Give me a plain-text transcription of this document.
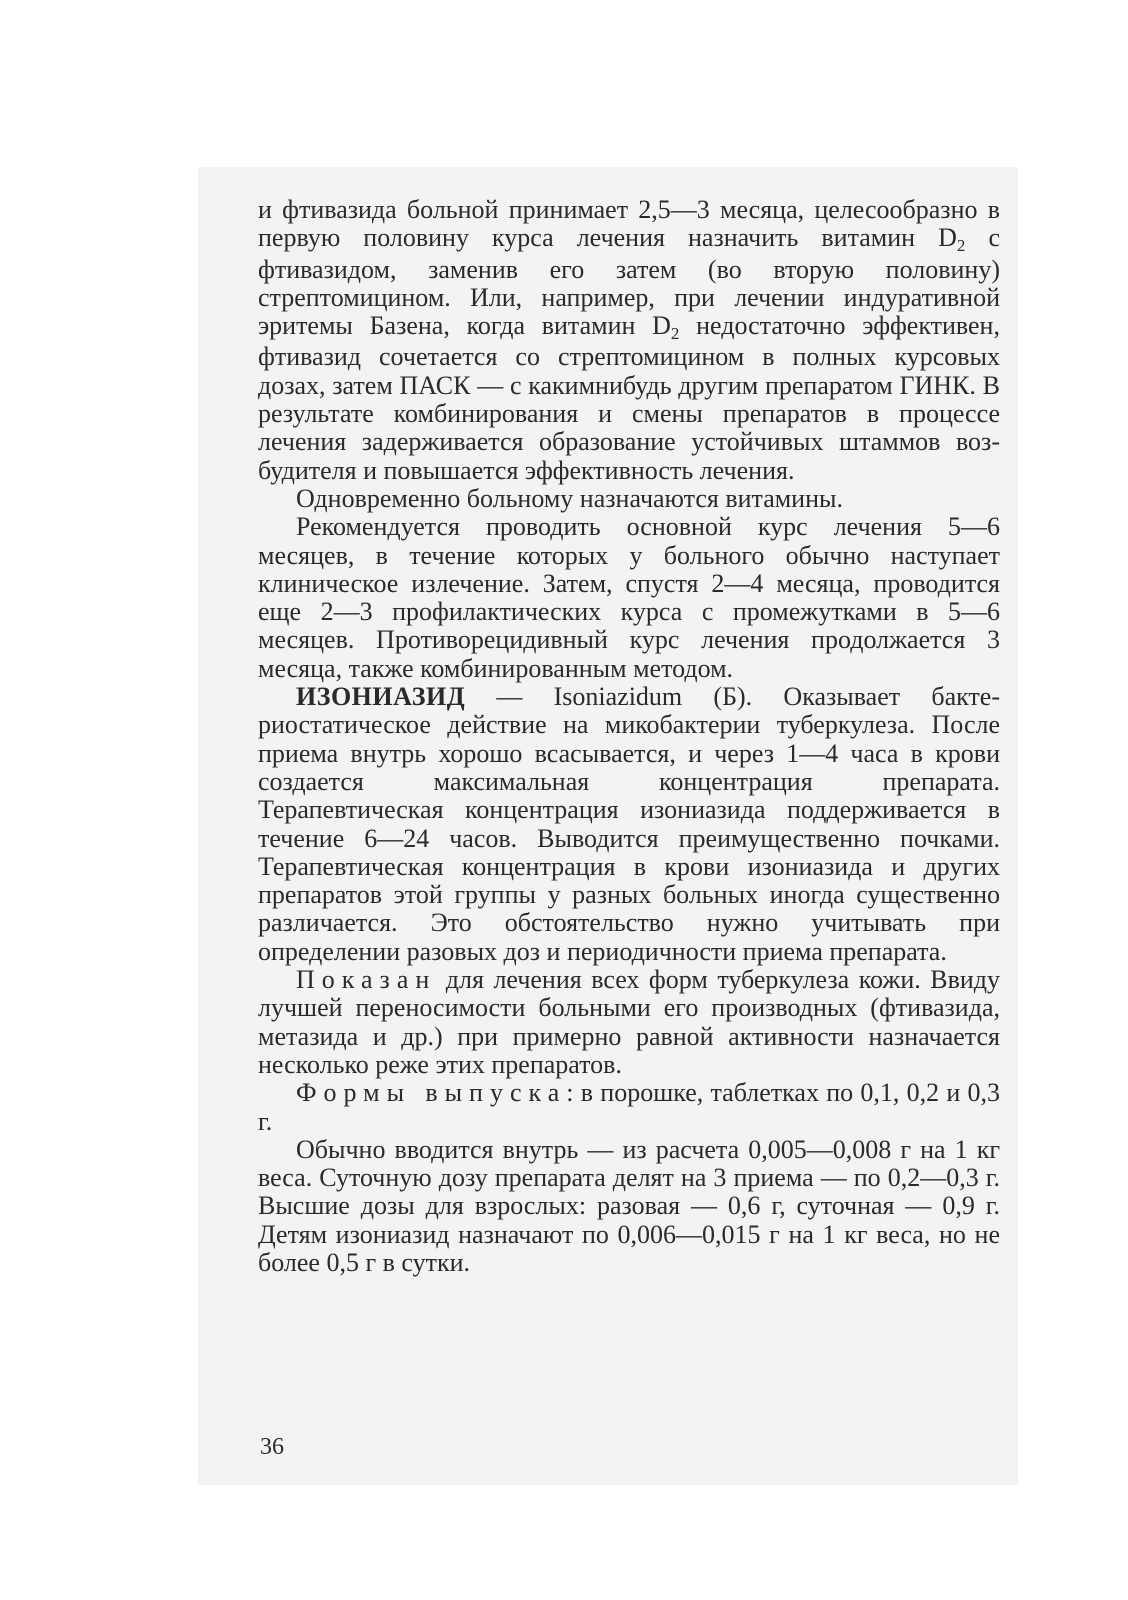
и фтивазида больной принимает 2,5—3 месяца, целесообразно в первую половину курса лечения назначить витамин D2 с фтивазидом, заменив его затем (во вторую половину) стрептомицином. Или, например, при лечении индуративной эритемы Базена, когда витамин D2 недостаточно эффективен, фтивазид сочетается со стрептомицином в полных курсовых дозах, затем ПАСК — с какимнибудь другим препаратом ГИНК. В результате комбинирования и смены препаратов в процессе лечения задерживается образование устойчивых штаммов возбудителя и повышается эффективность лечения.

Одновременно больному назначаются витамины.

Рекомендуется проводить основной курс лечения 5—6 месяцев, в течение которых у больного обычно наступает клиническое излечение. Затем, спустя 2—4 месяца, проводится еще 2—3 профилактических курса с промежутками в 5—6 месяцев. Противорецидивный курс лечения продолжается 3 месяца, также комбинированным методом.

ИЗОНИАЗИД — Isoniazidum (Б). Оказывает бактериостатическое действие на микобактерии туберкулеза. После приема внутрь хорошо всасывается, и через 1—4 часа в крови создается максимальная концентрация препарата. Терапевтическая концентрация изониазида поддерживается в течение 6—24 часов. Выводится преимущественно почками. Терапевтическая концентрация в крови изониазида и других препаратов этой группы у разных больных иногда существенно различается. Это обстоятельство нужно учитывать при определении разовых доз и периодичности приема препарата.

Показан для лечения всех форм туберкулеза кожи. Ввиду лучшей переносимости больными его производных (фтивазида, метазида и др.) при примерно равной активности назначается несколько реже этих препаратов.

Формы выпуска: в порошке, таблетках по 0,1, 0,2 и 0,3 г.

Обычно вводится внутрь — из расчета 0,005—0,008 г на 1 кг веса. Суточную дозу препарата делят на 3 приема — по 0,2—0,3 г. Высшие дозы для взрослых: разовая — 0,6 г, суточная — 0,9 г. Детям изониазид назначают по 0,006—0,015 г на 1 кг веса, но не более 0,5 г в сутки.

36
